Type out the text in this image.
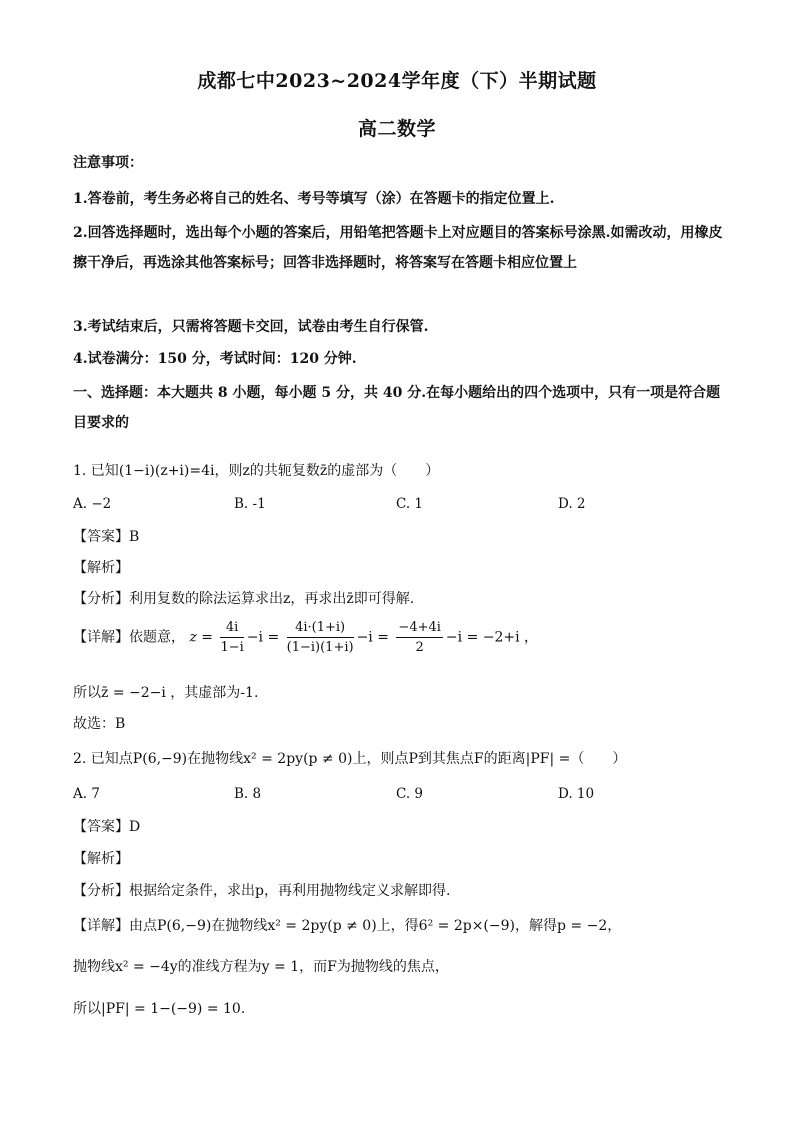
成都七中2023~2024学年度（下）半期试题
高二数学
注意事项：
1.答卷前，考生务必将自己的姓名、考号等填写（涂）在答题卡的指定位置上.
2.回答选择题时，选出每个小题的答案后，用铅笔把答题卡上对应题目的答案标号涂黑.如需改动，用橡皮擦干净后，再选涂其他答案标号；回答非选择题时，将答案写在答题卡相应位置上
3.考试结束后，只需将答题卡交回，试卷由考生自行保管.
4.试卷满分：150 分，考试时间：120 分钟.
一、选择题：本大题共 8 小题，每小题 5 分，共 40 分.在每小题给出的四个选项中，只有一项是符合题目要求的
1. 已知(1−i)(z+i)=4i，则z的共轭复数z̄的虚部为（　　）
A. −2	B. -1	C. 1	D. 2
【答案】B
【解析】
【分析】利用复数的除法运算求出z，再求出z̄即可得解.
【详解】依题意， $z = \frac{4i}{1-i} -i = \frac{4i\cdot(1+i)}{(1-i)(1+i)} -i = \frac{-4+4i}{2} -i = -2+i$ ，
所以z̄ = −2−i ，其虚部为-1.
故选：B
2. 已知点P(6,−9)在抛物线x² = 2py(p ≠ 0)上，则点P到其焦点F的距离|PF| =（　　）
A. 7	B. 8	C. 9	D. 10
【答案】D
【解析】
【分析】根据给定条件，求出p，再利用抛物线定义求解即得.
【详解】由点P(6,−9)在抛物线x² = 2py(p ≠ 0)上，得6² = 2p×(−9)，解得p = −2，
抛物线x² = −4y的准线方程为y = 1，而F为抛物线的焦点，
所以|PF| = 1−(−9) = 10.
